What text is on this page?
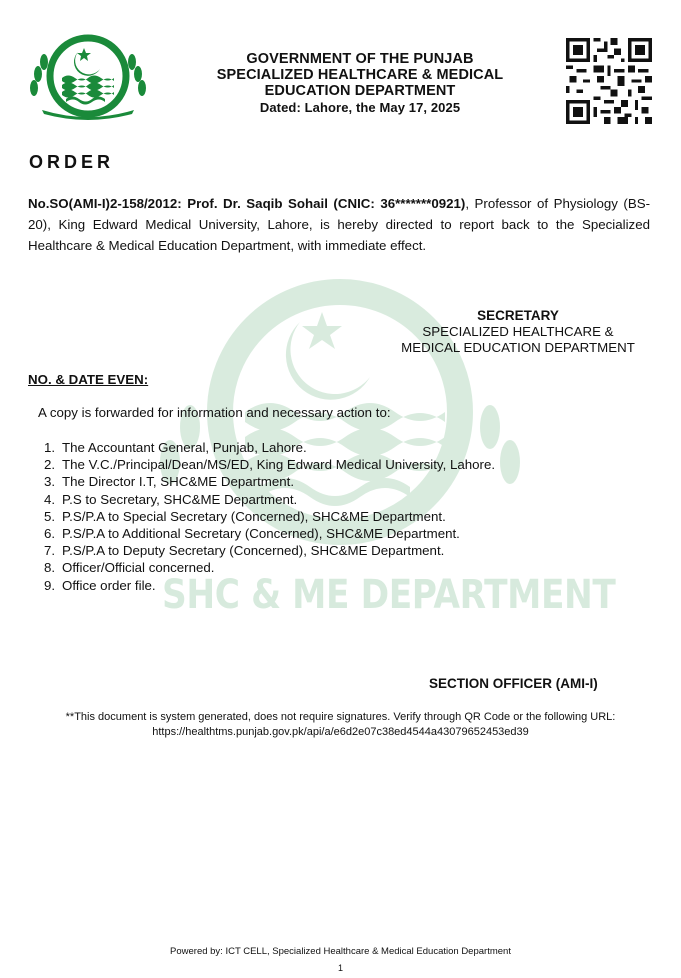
SHC & ME DEPARTMENT
GOVERNMENT OF THE PUNJAB
SPECIALIZED HEALTHCARE & MEDICAL
EDUCATION DEPARTMENT
Dated: Lahore, the May 17, 2025
ORDER
No.SO(AMI-I)2-158/2012: Prof. Dr. Saqib Sohail (CNIC: 36*******0921), Professor of Physiology (BS-20), King Edward Medical University, Lahore, is hereby directed to report back to the Specialized Healthcare & Medical Education Department, with immediate effect.
SECRETARY
SPECIALIZED HEALTHCARE &
MEDICAL EDUCATION DEPARTMENT
NO. & DATE EVEN:
A copy is forwarded for information and necessary action to:
1. The Accountant General, Punjab, Lahore.
2. The V.C./Principal/Dean/MS/ED, King Edward Medical University, Lahore.
3. The Director I.T, SHC&ME Department.
4. P.S to Secretary, SHC&ME Department.
5. P.S/P.A to Special Secretary (Concerned), SHC&ME Department.
6. P.S/P.A to Additional Secretary (Concerned), SHC&ME Department.
7. P.S/P.A to Deputy Secretary (Concerned), SHC&ME Department.
8. Officer/Official concerned.
9. Office order file.
SECTION OFFICER (AMI-I)
**This document is system generated, does not require signatures. Verify through QR Code or the following URL:
https://healthtms.punjab.gov.pk/api/a/e6d2e07c38ed4544a43079652453ed39
Powered by: ICT CELL, Specialized Healthcare & Medical Education Department
1
